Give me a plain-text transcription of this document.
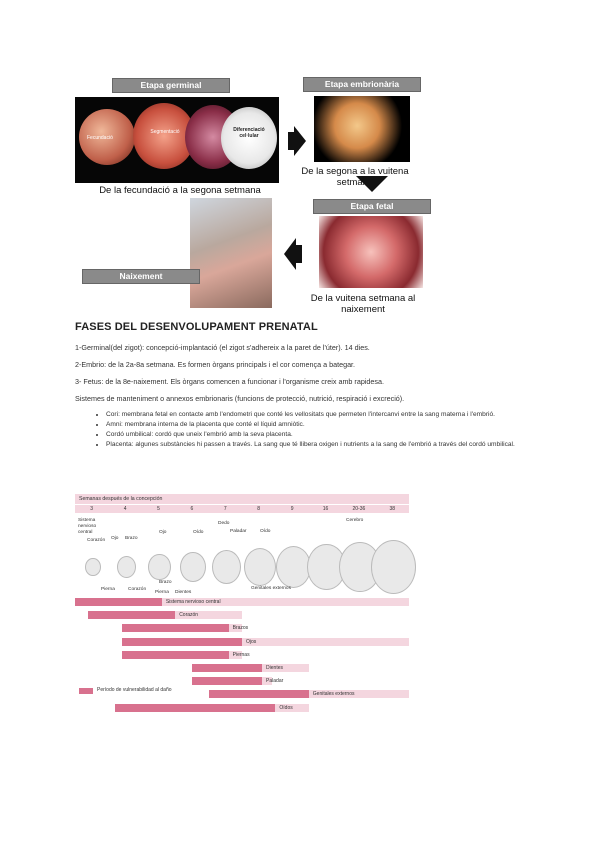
Etapa germinal
Fecundació
Segmentació	Diferenciació cel·lular
De la fecundació a la segona setmana
Etapa embrionària
De la segona a la vuitena setmana
Etapa fetal
De la vuitena setmana al naixement
Naixement
FASES DEL DESENVOLUPAMENT PRENATAL
1-Germinal(del zigot): concepció-implantació (el zigot s'adhereix a la paret de l'úter). 14 dies.
2-Embrio: de la 2a-8a setmana. Es formen òrgans principals i el cor comença a bategar.
3- Fetus: de la 8e-naixement. Els òrgans comencen a funcionar i l'organisme creix amb rapidesa.
Sistemes de manteniment o annexos embrionaris (funcions de protecció, nutrició, respiració i excreció).
• Cori: membrana fetal en contacte amb l'endometri que conté les vellositats que permeten l'intercanvi entre la sang materna i l'embrió.
• Amni: membrana interna de la placenta que conté el líquid amniòtic.
• Cordó umbilical: cordó que uneix l'embrió amb la seva placenta.
• Placenta: algunes substàncies hi passen a través. La sang que té llibera oxigen i nutrients a la sang de l'embrió a través del cordó umbilical.
Semanas después de la concepción
3	4	5	6	7	8	9	16	20-36	38
Sistema nervioso central
Corazón Ojo Brazo
Corazón
Ojo
Pierna
Brazo
Oído
Dedo
Paladar	Oído
Pierna Dientes
Genitales externos
Cerebro
Sistema nervioso central
Corazón
Brazos
Ojos
Piernas
Dientes
Paladar
Genitales externos
Oídos
Período de vulnerabilidad al daño
